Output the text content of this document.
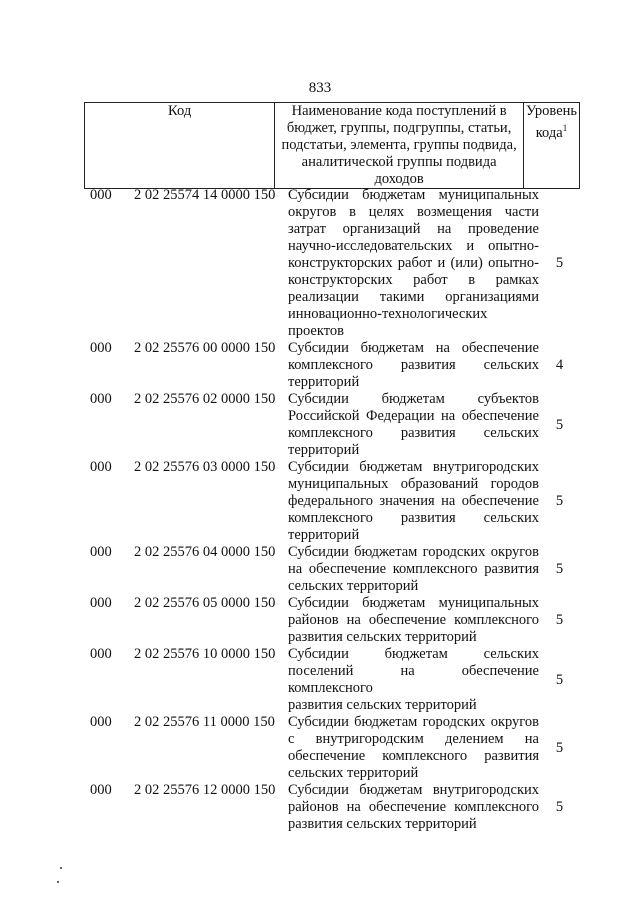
833
Код	Наименование кода поступлений в бюджет, группы, подгруппы, статьи, подстатьи, элемента, группы подвида, аналитической группы подвида доходов	Уровень кода$^1$
000	2 02 25574 14 0000 150 Субсидии бюджетам муниципальных
округов в целях возмещения части
затрат организаций на проведение
научно-исследовательских и опытно-
конструкторских работ и (или) опытно-
конструкторских работ в рамках
реализации такими организациями
инновационно-технологических
проектов
5
000	2 02 25576 00 0000 150 Субсидии бюджетам на обеспечение
комплексного развития сельских
территорий
4
000	2 02 25576 02 0000 150 Субсидии бюджетам субъектов
Российской Федерации на обеспечение
комплексного развития сельских
территорий
5
000	2 02 25576 03 0000 150 Субсидии бюджетам внутригородских
муниципальных образований городов
федерального значения на обеспечение
комплексного развития сельских
территорий
5
000	2 02 25576 04 0000 150 Субсидии бюджетам городских округов
на обеспечение комплексного развития
сельских территорий
5
000	2 02 25576 05 0000 150 Субсидии бюджетам муниципальных
районов на обеспечение комплексного
развития сельских территорий
5
000	2 02 25576 10 0000 150 Субсидии бюджетам сельских
поселений на обеспечение комплексного
развития сельских территорий
5
000	2 02 25576 11 0000 150 Субсидии бюджетам городских округов
с внутригородским делением на
обеспечение комплексного развития
сельских территорий
5
000	2 02 25576 12 0000 150 Субсидии бюджетам внутригородских
районов на обеспечение комплексного
развития сельских территорий
5
